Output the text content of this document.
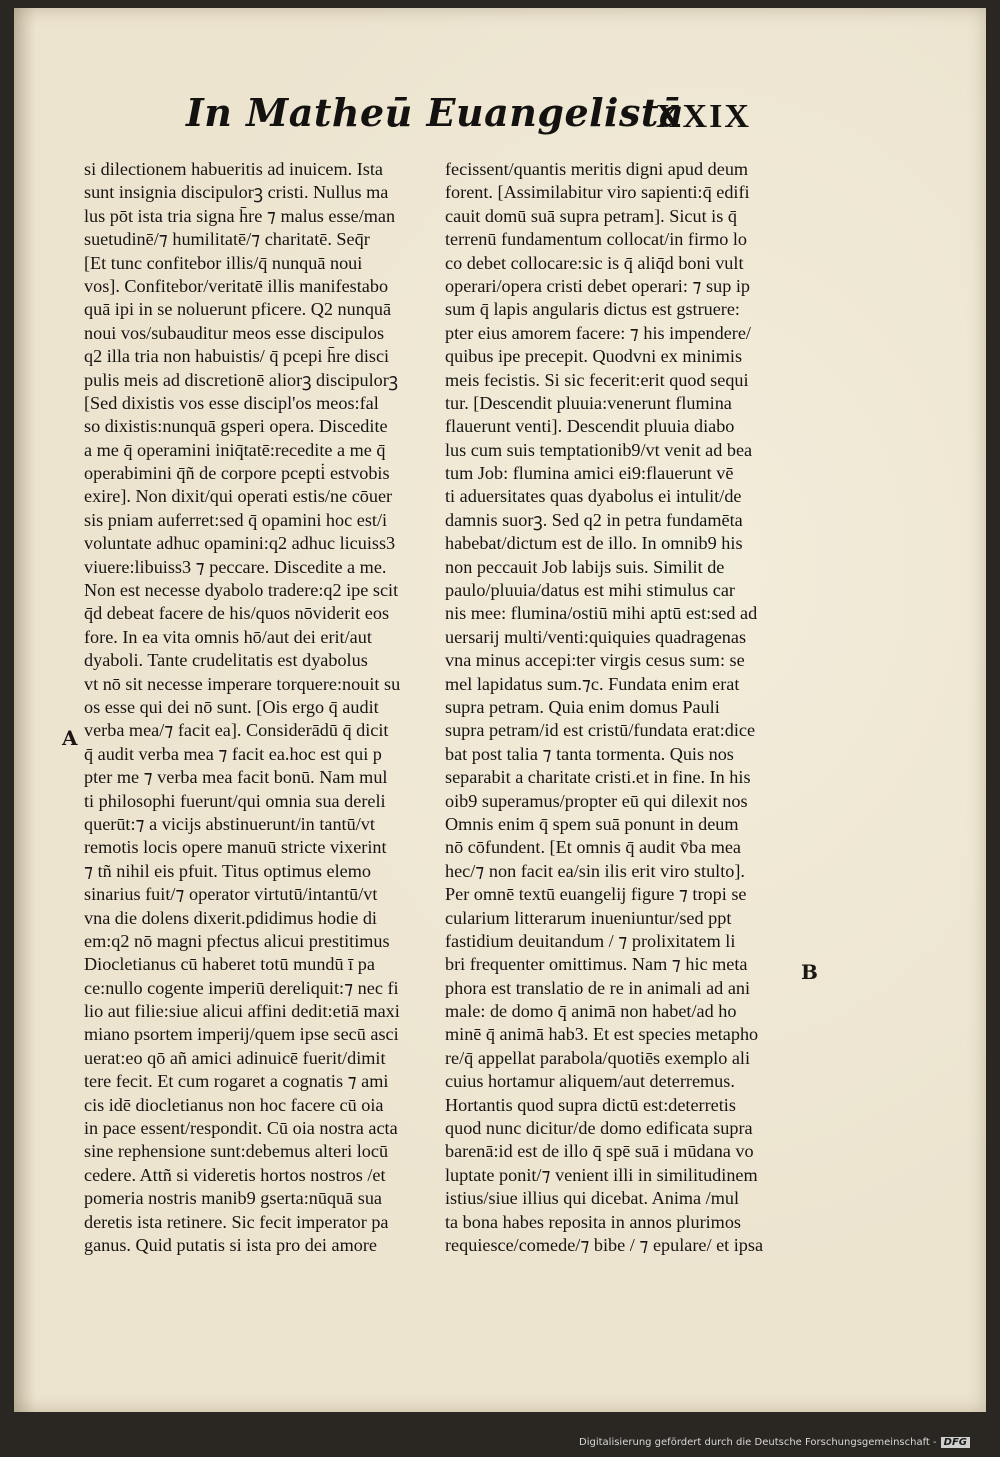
In Matheū Euangelistā
XXIX
si dilectionem habueritis ad inuicem. Ista
sunt insignia discipulorꝫ cristi. Nullus ma
lus pōt ista tria signa h̄re ⁊ malus esse/man
suetudinē/⁊ humilitatē/⁊ charitatē. Seq̄r
[Et tunc confitebor illis/q̄ nunquā noui
vos]. Confitebor/veritatē illis manifestabo
quā ipi in se noluerunt pficere. Q2 nunquā
noui vos/subauditur meos esse discipulos
q2 illa tria non habuistis/ q̄ pcepi h̄re disci
pulis meis ad discretionē aliorꝫ discipulorꝫ
[Sed dixistis vos esse discipl'os meos:fal
so dixistis:nunquā gsperi opera. Discedite
a me q̄ operamini iniq̄tatē:recedite a me q̄
operabimini q̄ñ de corpore pcepti̇ estvobis
exire]. Non dixit/qui operati estis/ne cōuer
sis pniam auferret:sed q̄ opamini hoc est/i
voluntate adhuc opamini:q2 adhuc licuiss3
viuere:libuiss3 ⁊ peccare. Discedite a me.
Non est necesse dyabolo tradere:q2 ipe scit
q̄d debeat facere de his/quos nōviderit eos
fore. In ea vita omnis hō/aut dei erit/aut
dyaboli. Tante crudelitatis est dyabolus
vt nō sit necesse imperare torquere:nouit su
os esse qui dei nō sunt. [Ois ergo q̄ audit
verba mea/⁊ facit ea]. Considerādū q̄ dicit
q̄ audit verba mea ⁊ facit ea.hoc est qui p
pter me ⁊ verba mea facit bonū. Nam mul
ti philosophi fuerunt/qui omnia sua dereli
querūt:⁊ a vicijs abstinuerunt/in tantū/vt
remotis locis opere manuū stricte vixerint
⁊ tñ nihil eis pfuit. Titus optimus elemo
sinarius fuit/⁊ operator virtutū/intantū/vt
vna die dolens dixerit.pdidimus hodie di
em:q2 nō magni pfectus alicui prestitimus
Diocletianus cū haberet totū mundū ī pa
ce:nullo cogente imperiū dereliquit:⁊ nec fi
lio aut filie:siue alicui affini dedit:etiā maxi
miano psortem imperij/quem ipse secū asci
uerat:eo qō añ amici adinuicē fuerit/dimit
tere fecit. Et cum rogaret a cognatis ⁊ ami
cis idē diocletianus non hoc facere cū oia
in pace essent/respondit. Cū oia nostra acta
sine rephensione sunt:debemus alteri locū
cedere. Attñ si videretis hortos nostros /et
pomeria nostris manib9 gserta:nūquā sua
deretis ista retinere. Sic fecit imperator pa
ganus. Quid putatis si ista pro dei amore
fecissent/quantis meritis digni apud deum
forent. [Assimilabitur viro sapienti:q̄ edifi
cauit domū suā supra petram]. Sicut is q̄
terrenū fundamentum collocat/in firmo lo
co debet collocare:sic is q̄ aliq̄d boni vult
operari/opera cristi debet operari: ⁊ sup ip
sum q̄ lapis angularis dictus est gstruere:
pter eius amorem facere: ⁊ his impendere/
quibus ipe precepit. Quodvni ex minimis
meis fecistis. Si sic fecerit:erit quod sequi
tur. [Descendit pluuia:venerunt flumina
flauerunt venti]. Descendit pluuia diabo
lus cum suis temptationib9/vt venit ad bea
tum Job: flumina amici ei9:flauerunt vē
ti aduersitates quas dyabolus ei intulit/de
damnis suorꝫ. Sed q2 in petra fundamēta
habebat/dictum est de illo. In omnib9 his
non peccauit Job labijs suis. Similit de
paulo/pluuia/datus est mihi stimulus car
nis mee: flumina/ostiū mihi aptū est:sed ad
uersarij multi/venti:quiquies quadragenas
vna minus accepi:ter virgis cesus sum: se
mel lapidatus sum.⁊c. Fundata enim erat
supra petram. Quia enim domus Pauli
supra petram/id est cristū/fundata erat:dice
bat post talia ⁊ tanta tormenta. Quis nos
separabit a charitate cristi.et in fine. In his
oib9 superamus/propter eū qui dilexit nos
Omnis enim q̄ spem suā ponunt in deum
nō cōfundent. [Et omnis q̄ audit v̄ba mea
hec/⁊ non facit ea/sin ilis erit viro stulto].
Per omnē textū euangelij figure ⁊ tropi se
cularium litterarum inueniuntur/sed ppt
fastidium deuitandum / ⁊ prolixitatem li
bri frequenter omittimus. Nam ⁊ hic meta
phora est translatio de re in animali ad ani
male: de domo q̄ animā non habet/ad ho
minē q̄ animā hab3. Et est species metapho
re/q̄ appellat parabola/quotiēs exemplo ali
cuius hortamur aliquem/aut deterremus.
Hortantis quod supra dictū est:deterretis
quod nunc dicitur/de domo edificata supra
barenā:id est de illo q̄ spē suā i mūdana vo
luptate ponit/⁊ venient illi in similitudinem
istius/siue illius qui dicebat. Anima /mul
ta bona habes reposita in annos plurimos
requiesce/comede/⁊ bibe / ⁊ epulare/ et ipsa
A
B
Digitalisierung gefördert durch die Deutsche Forschungsgemeinschaft - DFG
